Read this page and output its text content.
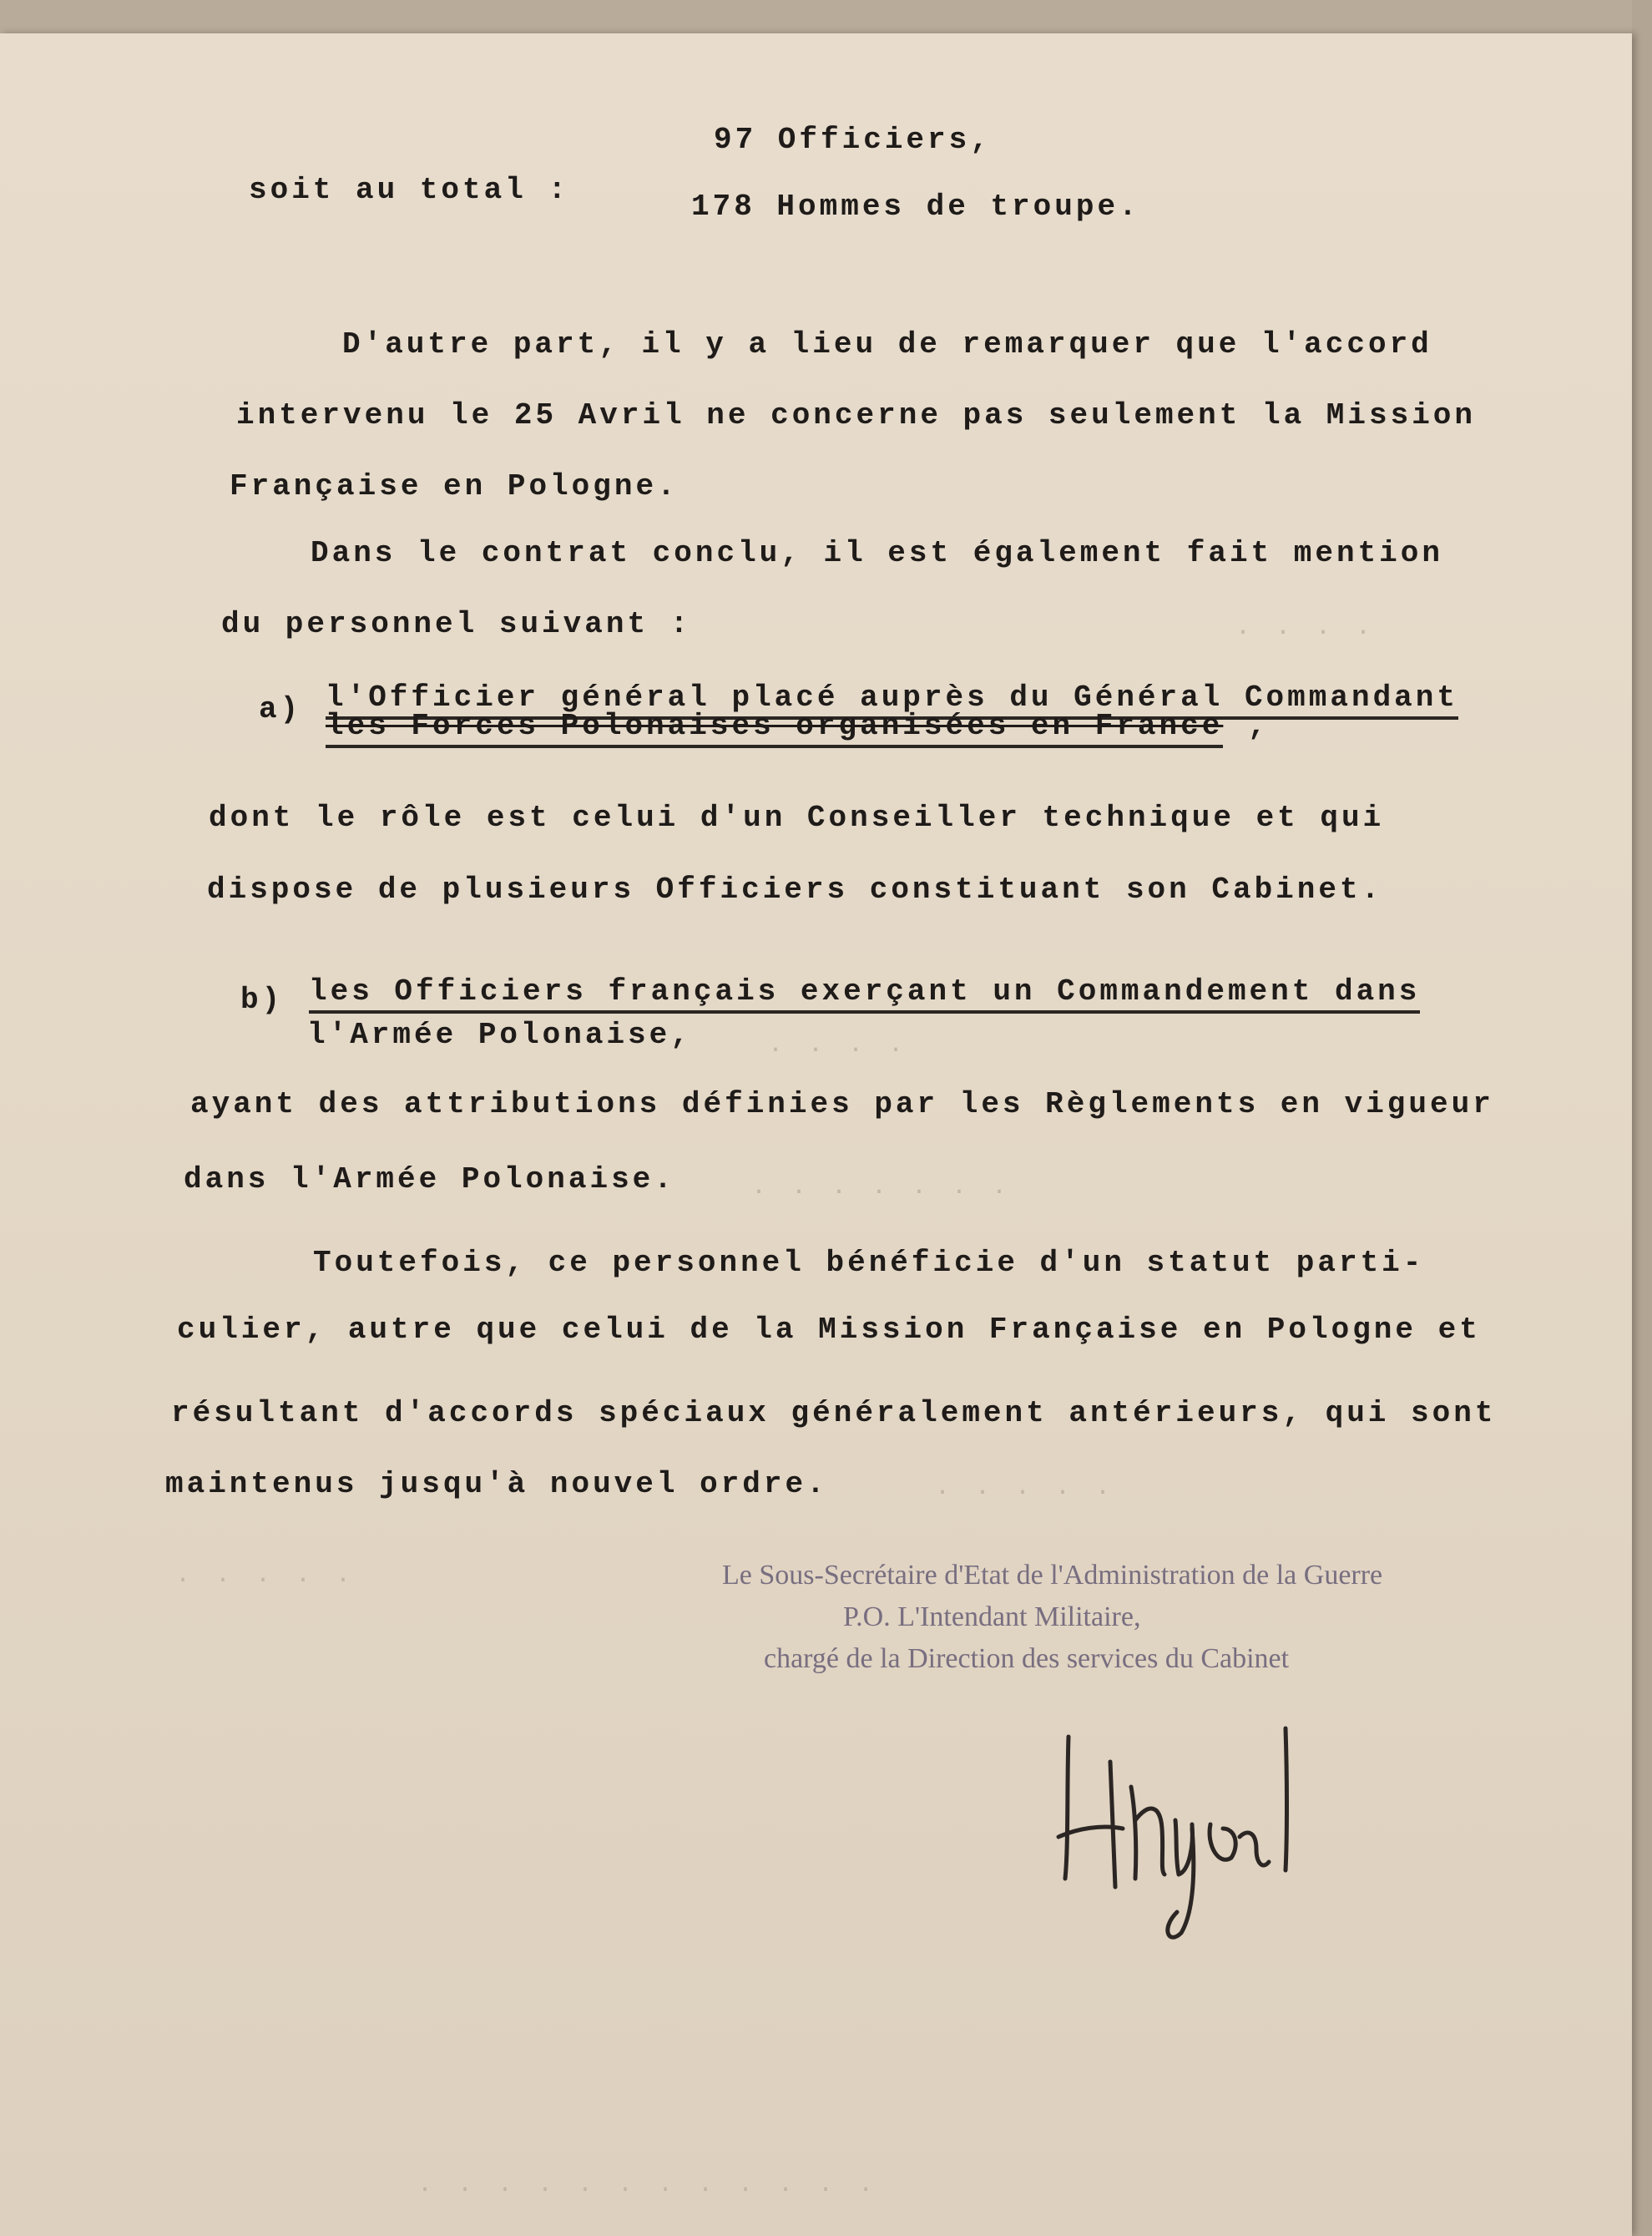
. . . .
. . . .
. . . . . . .
. . . . .
. . . . .
. . . . . . . . . . . .

97 Officiers,

soit au total :	178 Hommes de troupe.

D'autre part, il y a lieu de remarquer que l'accord

intervenu le 25 Avril ne concerne pas seulement la Mission

Française en Pologne.

Dans le contrat conclu, il est également fait mention

du personnel suivant :

a) l'Officier général placé auprès du Général Commandant

les Forces Polonaises organisées en France ,

dont le rôle est celui d'un Conseiller technique et qui

dispose de plusieurs Officiers constituant son Cabinet.

b) les Officiers français exerçant un Commandement dans

l'Armée Polonaise,

ayant des attributions définies par les Règlements en vigueur

dans l'Armée Polonaise.

Toutefois, ce personnel bénéficie d'un statut parti-

culier, autre que celui de la Mission Française en Pologne et

résultant d'accords spéciaux généralement antérieurs, qui sont

maintenus jusqu'à nouvel ordre.

Le Sous-Secrétaire d'Etat de l'Administration de la Guerre

P.O. L'Intendant Militaire,

chargé de la Direction des services du Cabinet
